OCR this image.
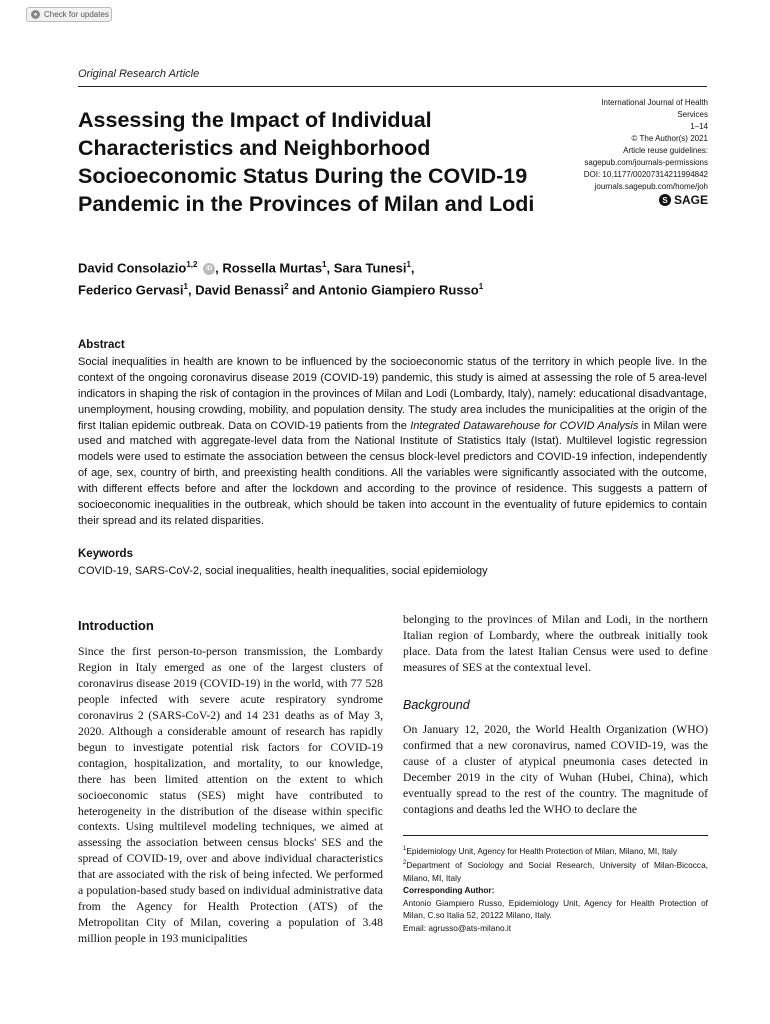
● Check for updates
Original Research Article
Assessing the Impact of Individual Characteristics and Neighborhood Socioeconomic Status During the COVID-19 Pandemic in the Provinces of Milan and Lodi
International Journal of Health
Services
1–14
© The Author(s) 2021
Article reuse guidelines:
sagepub.com/journals-permissions
DOI: 10.1177/00207314211994842
journals.sagepub.com/home/joh
S SAGE
David Consolazio$^{1,2}$ iD , Rossella Murtas$^1$, Sara Tunesi$^1$,
Federico Gervasi$^1$, David Benassi$^2$ and Antonio Giampiero Russo$^1$
Abstract

Social inequalities in health are known to be influenced by the socioeconomic status of the territory in which people live. In the context of the ongoing coronavirus disease 2019 (COVID-19) pandemic, this study is aimed at assessing the role of 5 area-level indicators in shaping the risk of contagion in the provinces of Milan and Lodi (Lombardy, Italy), namely: educational disadvantage, unemployment, housing crowding, mobility, and population density. The study area includes the municipalities at the origin of the first Italian epidemic outbreak. Data on COVID-19 patients from the Integrated Datawarehouse for COVID Analysis in Milan were used and matched with aggregate-level data from the National Institute of Statistics Italy (Istat). Multilevel logistic regression models were used to estimate the association between the census block-level predictors and COVID-19 infection, independently of age, sex, country of birth, and preexisting health conditions. All the variables were significantly associated with the outcome, with different effects before and after the lockdown and according to the province of residence. This suggests a pattern of socioeconomic inequalities in the outbreak, which should be taken into account in the eventuality of future epidemics to contain their spread and its related disparities.

Keywords
COVID-19, SARS-CoV-2, social inequalities, health inequalities, social epidemiology
Introduction

Since the first person-to-person transmission, the Lombardy Region in Italy emerged as one of the largest clusters of coronavirus disease 2019 (COVID-19) in the world, with 77 528 people infected with severe acute respiratory syndrome coronavirus 2 (SARS-CoV-2) and 14 231 deaths as of May 3, 2020. Although a considerable amount of research has rapidly begun to investigate potential risk factors for COVID-19 contagion, hospitalization, and mortality, to our knowledge, there has been limited attention on the extent to which socioeconomic status (SES) might have contributed to heterogeneity in the distribution of the disease within specific contexts. Using multilevel modeling techniques, we aimed at assessing the association between census blocks' SES and the spread of COVID-19, over and above individual characteristics that are associated with the risk of being infected. We performed a population-based study based on individual administrative data from the Agency for Health Protection (ATS) of the Metropolitan City of Milan, covering a population of 3.48 million people in 193 municipalities

belonging to the provinces of Milan and Lodi, in the northern Italian region of Lombardy, where the outbreak initially took place. Data from the latest Italian Census were used to define measures of SES at the contextual level.

Background

On January 12, 2020, the World Health Organization (WHO) confirmed that a new coronavirus, named COVID-19, was the cause of a cluster of atypical pneumonia cases detected in December 2019 in the city of Wuhan (Hubei, China), which eventually spread to the rest of the country. The magnitude of contagions and deaths led the WHO to declare the

$^1$Epidemiology Unit, Agency for Health Protection of Milan, Milano, MI, Italy

$^2$Department of Sociology and Social Research, University of Milan-Bicocca, Milano, MI, Italy

Corresponding Author:

Antonio Giampiero Russo, Epidemiology Unit, Agency for Health Protection of Milan, C.so Italia 52, 20122 Milano, Italy.

Email: agrusso@ats-milano.it
